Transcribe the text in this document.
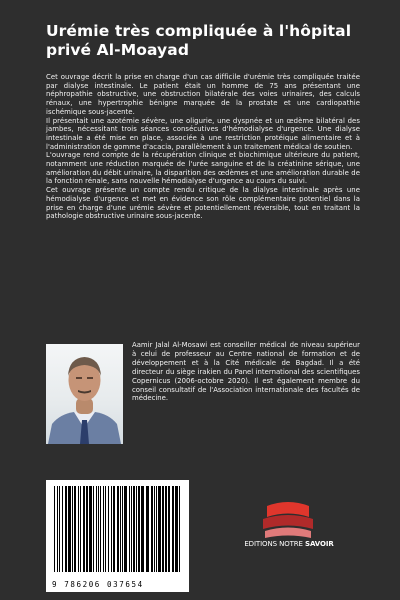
Urémie très compliquée à l'hôpital privé Al-Moayad

Cet ouvrage décrit la prise en charge d'un cas difficile d'urémie très compliquée traitée par dialyse intestinale. Le patient était un homme de 75 ans présentant une néphropathie obstructive, une obstruction bilatérale des voies urinaires, des calculs rénaux, une hypertrophie bénigne marquée de la prostate et une cardiopathie ischémique sous-jacente.

Il présentait une azotémie sévère, une oligurie, une dyspnée et un œdème bilatéral des jambes, nécessitant trois séances consécutives d'hémodialyse d'urgence. Une dialyse intestinale a été mise en place, associée à une restriction protéique alimentaire et à l'administration de gomme d'acacia, parallèlement à un traitement médical de soutien.

L'ouvrage rend compte de la récupération clinique et biochimique ultérieure du patient, notamment une réduction marquée de l'urée sanguine et de la créatinine sérique, une amélioration du débit urinaire, la disparition des œdèmes et une amélioration durable de la fonction rénale, sans nouvelle hémodialyse d'urgence au cours du suivi.

Cet ouvrage présente un compte rendu critique de la dialyse intestinale après une hémodialyse d'urgence et met en évidence son rôle complémentaire potentiel dans la prise en charge d'une urémie sévère et potentiellement réversible, tout en traitant la pathologie obstructive urinaire sous-jacente.

Aamir Jalal Al-Mosawi est conseiller médical de niveau supérieur à celui de professeur au Centre national de formation et de développement et à la Cité médicale de Bagdad. Il a été directeur du siège irakien du Panel international des scientifiques Copernicus (2006-octobre 2020). Il est également membre du conseil consultatif de l'Association internationale des facultés de médecine.

9 786206 037654
EDITIONS NOTRE SAVOIR
